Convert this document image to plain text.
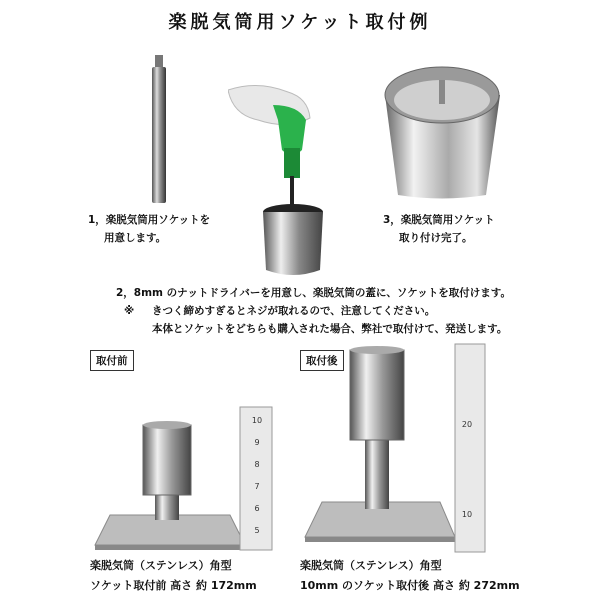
楽脱気筒用ソケット取付例
1，楽脱気筒用ソケットを
用意します。
3，楽脱気筒用ソケット
取り付け完了。
2，8mm のナットドライバーを用意し、楽脱気筒の蓋に、ソケットを取付けます。
※ きつく締めすぎるとネジが取れるので、注意してください。
本体とソケットをどちらも購入された場合、弊社で取付けて、発送します。
取付前
10
9
8
7
6
5
楽脱気筒（ステンレス）角型
ソケット取付前 高さ 約 172mm
取付後
20
10
楽脱気筒（ステンレス）角型
10mm のソケット取付後 高さ 約 272mm
